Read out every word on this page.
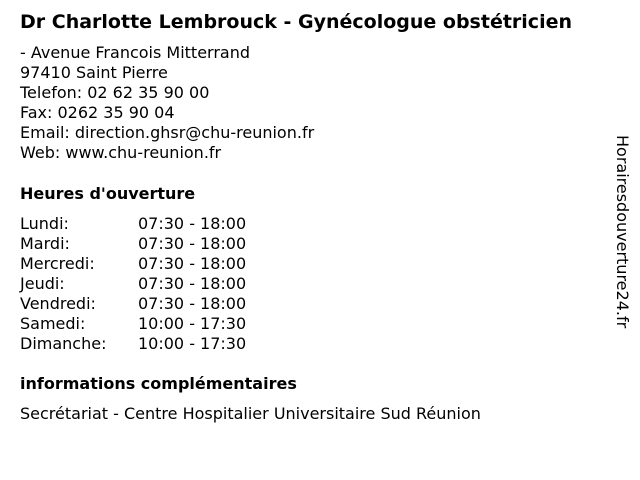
Dr Charlotte Lembrouck - Gynécologue obstétricien
- Avenue Francois Mitterrand
97410 Saint Pierre
Telefon: 02 62 35 90 00
Fax: 0262 35 90 04
Email: direction.ghsr@chu-reunion.fr
Web: www.chu-reunion.fr
Heures d'ouverture
Lundi:	07:30 - 18:00
Mardi:	07:30 - 18:00
Mercredi:	07:30 - 18:00
Jeudi:	07:30 - 18:00
Vendredi:	07:30 - 18:00
Samedi:	10:00 - 17:30
Dimanche:	10:00 - 17:30
informations complémentaires
Secrétariat - Centre Hospitalier Universitaire Sud Réunion
Horairesdouverture24.fr
